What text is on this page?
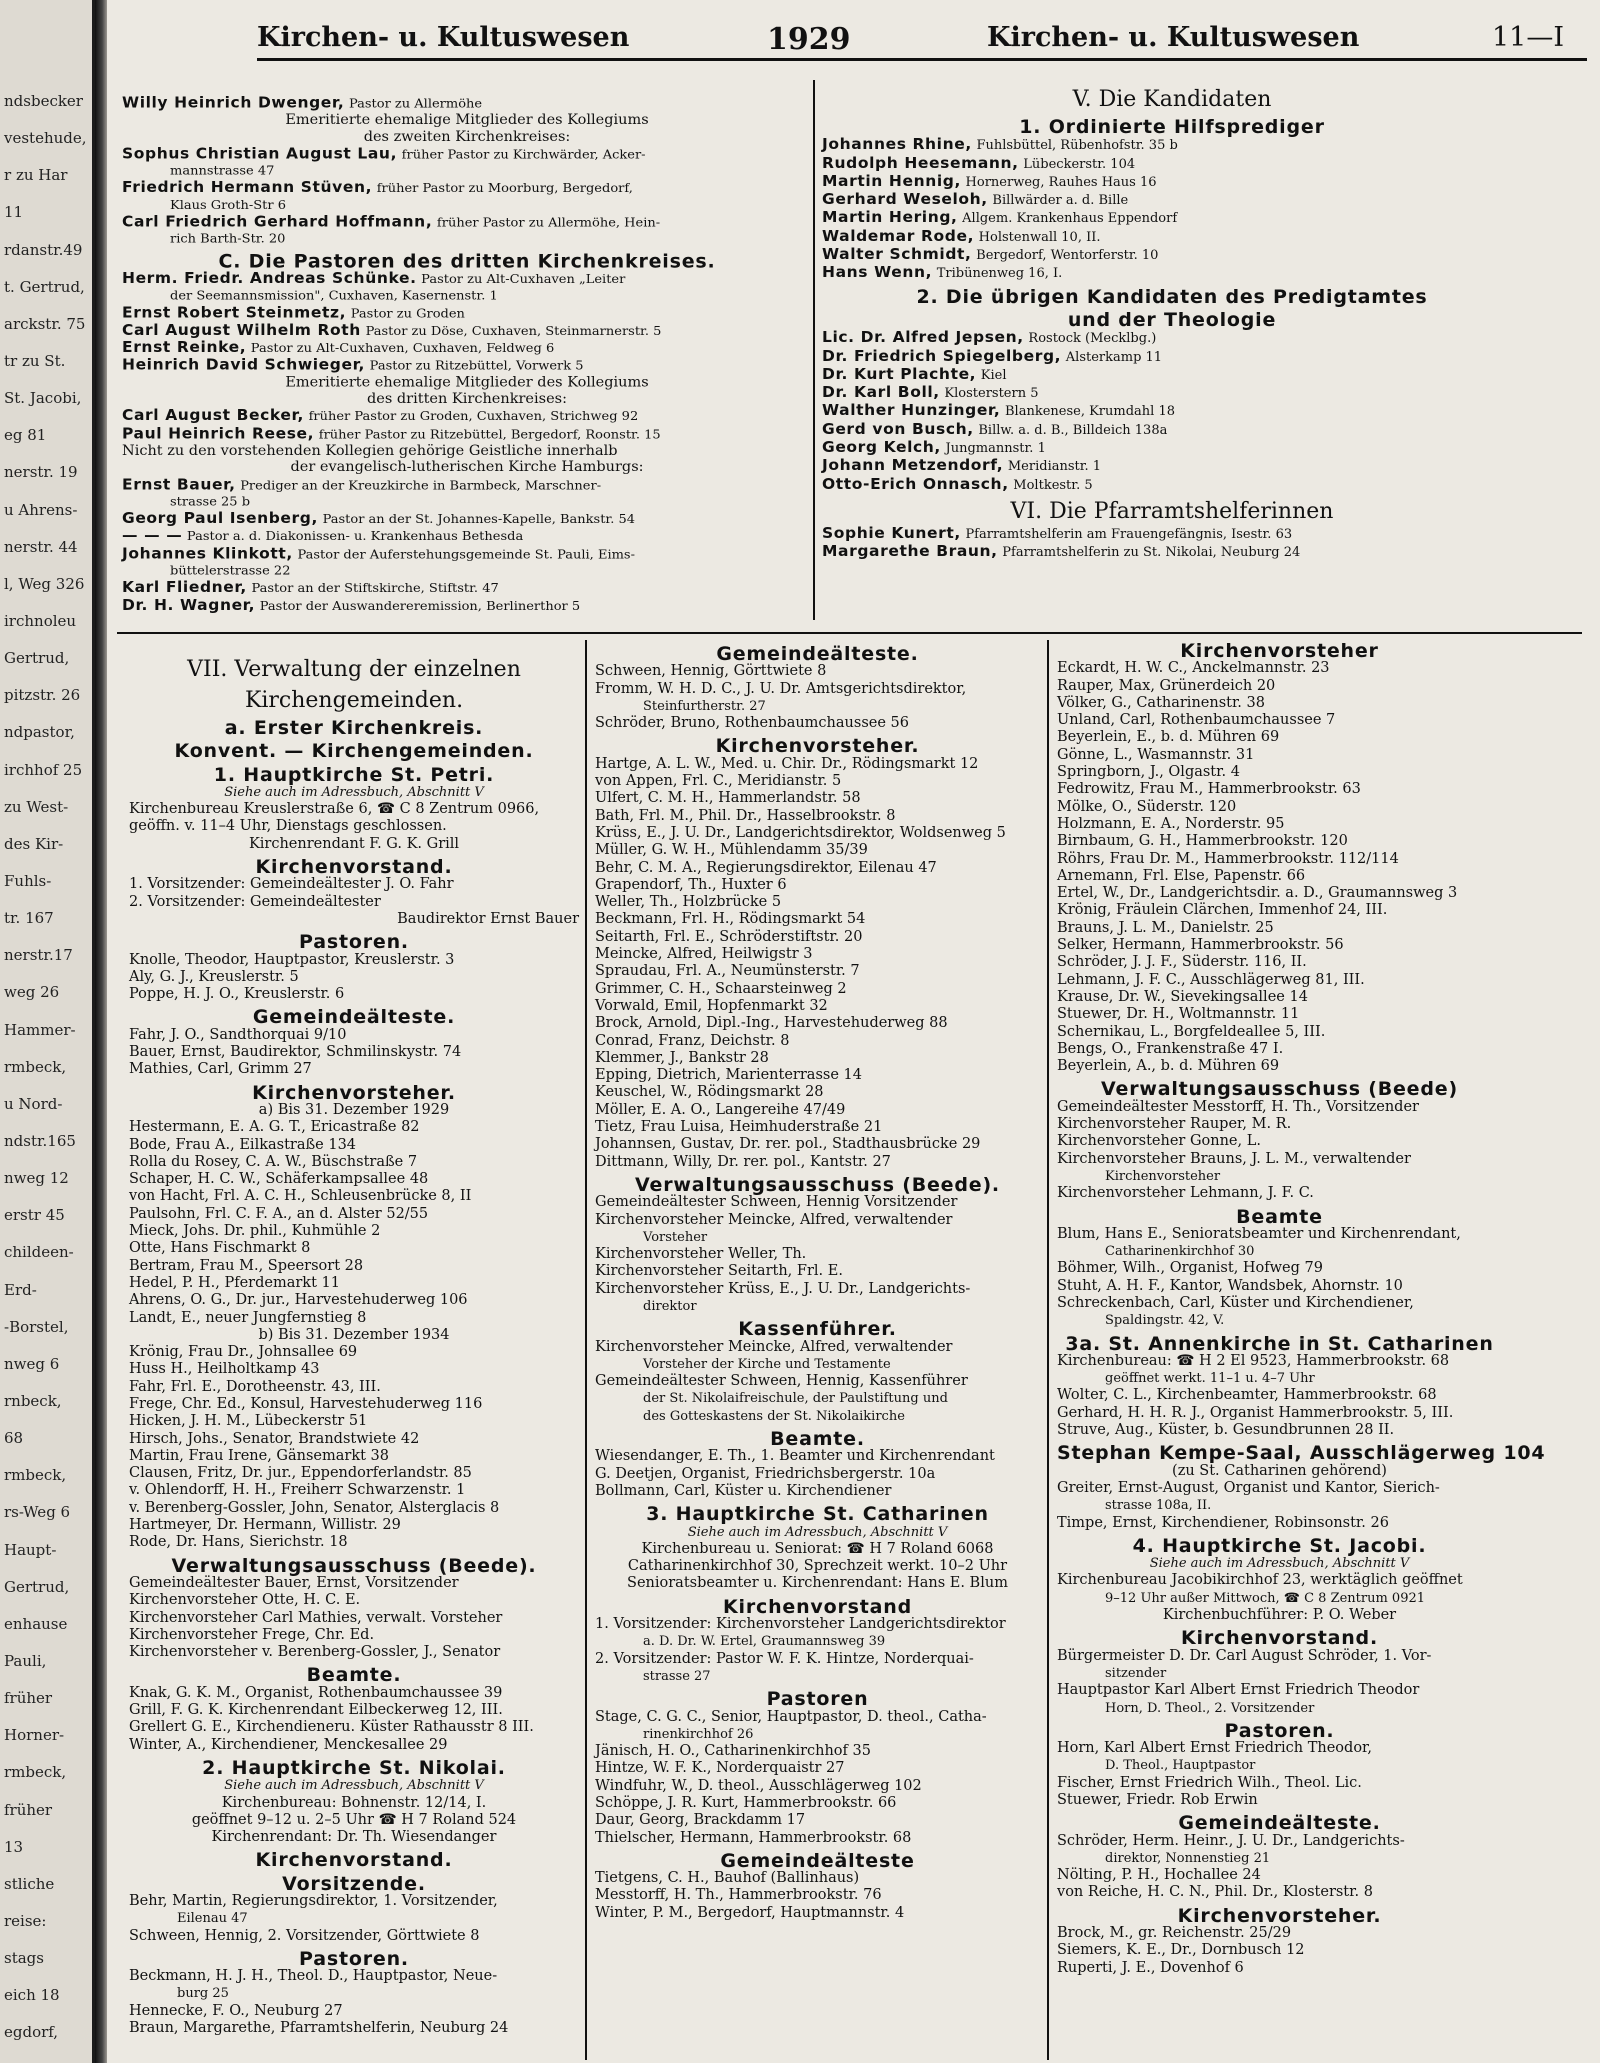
ndsbecker
vestehude,
r zu Har
11
rdanstr.49
t. Gertrud,
arckstr. 75
tr zu St.
St. Jacobi,
eg 81
nerstr. 19
u Ahrens-
nerstr. 44
l, Weg 326
irchnoleu
Gertrud,
pitzstr. 26
ndpastor,
irchhof 25
zu West-
des Kir-
Fuhls-
tr. 167
nerstr.17
weg 26
Hammer-
rmbeck,
u Nord-
ndstr.165
nweg 12
erstr 45
childeen-
Erd-
-Borstel,
nweg 6
rnbeck,
68
rmbeck,
rs-Weg 6
Haupt-
Gertrud,
enhause
Pauli,
früher
Horner-
rmbeck,
früher
13
stliche
reise:
stags
eich 18
egdorf,
Kirchen- u. Kultuswesen	1929	Kirchen- u. Kultuswesen	11—I
Willy Heinrich Dwenger, Pastor zu Allermöhe
Emeritierte ehemalige Mitglieder des Kollegiums
des zweiten Kirchenkreises:
Sophus Christian August Lau, früher Pastor zu Kirchwärder, Acker-
mannstrasse 47
Friedrich Hermann Stüven, früher Pastor zu Moorburg, Bergedorf,
Klaus Groth-Str 6
Carl Friedrich Gerhard Hoffmann, früher Pastor zu Allermöhe, Hein-
rich Barth-Str. 20
C. Die Pastoren des dritten Kirchenkreises.
Herm. Friedr. Andreas Schünke. Pastor zu Alt-Cuxhaven „Leiter
der Seemannsmission", Cuxhaven, Kasernenstr. 1
Ernst Robert Steinmetz, Pastor zu Groden
Carl August Wilhelm Roth Pastor zu Döse, Cuxhaven, Steinmarnerstr. 5
Ernst Reinke, Pastor zu Alt-Cuxhaven, Cuxhaven, Feldweg 6
Heinrich David Schwieger, Pastor zu Ritzebüttel, Vorwerk 5
Emeritierte ehemalige Mitglieder des Kollegiums
des dritten Kirchenkreises:
Carl August Becker, früher Pastor zu Groden, Cuxhaven, Strichweg 92
Paul Heinrich Reese, früher Pastor zu Ritzebüttel, Bergedorf, Roonstr. 15
Nicht zu den vorstehenden Kollegien gehörige Geistliche innerhalb
der evangelisch-lutherischen Kirche Hamburgs:
Ernst Bauer, Prediger an der Kreuzkirche in Barmbeck, Marschner-
strasse 25 b
Georg Paul Isenberg, Pastor an der St. Johannes-Kapelle, Bankstr. 54
— — — Pastor a. d. Diakonissen- u. Krankenhaus Bethesda
Johannes Klinkott, Pastor der Auferstehungsgemeinde St. Pauli, Eims-
büttelerstrasse 22
Karl Fliedner, Pastor an der Stiftskirche, Stiftstr. 47
Dr. H. Wagner, Pastor der Auswandereremission, Berlinerthor 5
V. Die Kandidaten
1. Ordinierte Hilfsprediger
Johannes Rhine, Fuhlsbüttel, Rübenhofstr. 35 b
Rudolph Heesemann, Lübeckerstr. 104
Martin Hennig, Hornerweg, Rauhes Haus 16
Gerhard Weseloh, Billwärder a. d. Bille
Martin Hering, Allgem. Krankenhaus Eppendorf
Waldemar Rode, Holstenwall 10, II.
Walter Schmidt, Bergedorf, Wentorferstr. 10
Hans Wenn, Tribünenweg 16, I.
2. Die übrigen Kandidaten des Predigtamtes
und der Theologie
Lic. Dr. Alfred Jepsen, Rostock (Mecklbg.)
Dr. Friedrich Spiegelberg, Alsterkamp 11
Dr. Kurt Plachte, Kiel
Dr. Karl Boll, Klosterstern 5
Walther Hunzinger, Blankenese, Krumdahl 18
Gerd von Busch, Billw. a. d. B., Billdeich 138a
Georg Kelch, Jungmannstr. 1
Johann Metzendorf, Meridianstr. 1
Otto-Erich Onnasch, Moltkestr. 5
VI. Die Pfarramtshelferinnen
Sophie Kunert, Pfarramtshelferin am Frauengefängnis, Isestr. 63
Margarethe Braun, Pfarramtshelferin zu St. Nikolai, Neuburg 24
VII. Verwaltung der einzelnen
Kirchengemeinden.
a. Erster Kirchenkreis.
Konvent. — Kirchengemeinden.
1. Hauptkirche St. Petri.
Siehe auch im Adressbuch, Abschnitt V
Kirchenbureau Kreuslerstraße 6, ☎ C 8 Zentrum 0966,
geöffn. v. 11–4 Uhr, Dienstags geschlossen.
Kirchenrendant F. G. K. Grill
Kirchenvorstand.
1. Vorsitzender: Gemeindeältester J. O. Fahr
2. Vorsitzender: Gemeindeältester
Baudirektor Ernst Bauer
Pastoren.
Knolle, Theodor, Hauptpastor, Kreuslerstr. 3
Aly, G. J., Kreuslerstr. 5
Poppe, H. J. O., Kreuslerstr. 6
Gemeindeälteste.
Fahr, J. O., Sandthorquai 9/10
Bauer, Ernst, Baudirektor, Schmilinskystr. 74
Mathies, Carl, Grimm 27
Kirchenvorsteher.
a) Bis 31. Dezember 1929
Hestermann, E. A. G. T., Ericastraße 82
Bode, Frau A., Eilkastraße 134
Rolla du Rosey, C. A. W., Büschstraße 7
Schaper, H. C. W., Schäferkampsallee 48
von Hacht, Frl. A. C. H., Schleusenbrücke 8, II
Paulsohn, Frl. C. F. A., an d. Alster 52/55
Mieck, Johs. Dr. phil., Kuhmühle 2
Otte, Hans Fischmarkt 8
Bertram, Frau M., Speersort 28
Hedel, P. H., Pferdemarkt 11
Ahrens, O. G., Dr. jur., Harvestehuderweg 106
Landt, E., neuer Jungfernstieg 8
b) Bis 31. Dezember 1934
Krönig, Frau Dr., Johnsallee 69
Huss H., Heilholtkamp 43
Fahr, Frl. E., Dorotheenstr. 43, III.
Frege, Chr. Ed., Konsul, Harvestehuderweg 116
Hicken, J. H. M., Lübeckerstr 51
Hirsch, Johs., Senator, Brandstwiete 42
Martin, Frau Irene, Gänsemarkt 38
Clausen, Fritz, Dr. jur., Eppendorferlandstr. 85
v. Ohlendorff, H. H., Freiherr Schwarzenstr. 1
v. Berenberg-Gossler, John, Senator, Alsterglacis 8
Hartmeyer, Dr. Hermann, Willistr. 29
Rode, Dr. Hans, Sierichstr. 18
Verwaltungsausschuss (Beede).
Gemeindeältester Bauer, Ernst, Vorsitzender
Kirchenvorsteher Otte, H. C. E.
Kirchenvorsteher Carl Mathies, verwalt. Vorsteher
Kirchenvorsteher Frege, Chr. Ed.
Kirchenvorsteher v. Berenberg-Gossler, J., Senator
Beamte.
Knak, G. K. M., Organist, Rothenbaumchaussee 39
Grill, F. G. K. Kirchenrendant Eilbeckerweg 12, III.
Grellert G. E., Kirchendieneru. Küster Rathausstr 8 III.
Winter, A., Kirchendiener, Menckesallee 29
2. Hauptkirche St. Nikolai.
Siehe auch im Adressbuch, Abschnitt V
Kirchenbureau: Bohnenstr. 12/14, I.
geöffnet 9–12 u. 2–5 Uhr ☎ H 7 Roland 524
Kirchenrendant: Dr. Th. Wiesendanger
Kirchenvorstand.
Vorsitzende.
Behr, Martin, Regierungsdirektor, 1. Vorsitzender,
Eilenau 47
Schween, Hennig, 2. Vorsitzender, Görttwiete 8
Pastoren.
Beckmann, H. J. H., Theol. D., Hauptpastor, Neue-
burg 25
Hennecke, F. O., Neuburg 27
Braun, Margarethe, Pfarramtshelferin, Neuburg 24
Gemeindeälteste.
Schween, Hennig, Görttwiete 8
Fromm, W. H. D. C., J. U. Dr. Amtsgerichtsdirektor,
Steinfurtherstr. 27
Schröder, Bruno, Rothenbaumchaussee 56
Kirchenvorsteher.
Hartge, A. L. W., Med. u. Chir. Dr., Rödingsmarkt 12
von Appen, Frl. C., Meridianstr. 5
Ulfert, C. M. H., Hammerlandstr. 58
Bath, Frl. M., Phil. Dr., Hasselbrookstr. 8
Krüss, E., J. U. Dr., Landgerichtsdirektor, Woldsenweg 5
Müller, G. W. H., Mühlendamm 35/39
Behr, C. M. A., Regierungsdirektor, Eilenau 47
Grapendorf, Th., Huxter 6
Weller, Th., Holzbrücke 5
Beckmann, Frl. H., Rödingsmarkt 54
Seitarth, Frl. E., Schröderstiftstr. 20
Meincke, Alfred, Heilwigstr 3
Spraudau, Frl. A., Neumünsterstr. 7
Grimmer, C. H., Schaarsteinweg 2
Vorwald, Emil, Hopfenmarkt 32
Brock, Arnold, Dipl.-Ing., Harvestehuderweg 88
Conrad, Franz, Deichstr. 8
Klemmer, J., Bankstr 28
Epping, Dietrich, Marienterrasse 14
Keuschel, W., Rödingsmarkt 28
Möller, E. A. O., Langereihe 47/49
Tietz, Frau Luisa, Heimhuderstraße 21
Johannsen, Gustav, Dr. rer. pol., Stadthausbrücke 29
Dittmann, Willy, Dr. rer. pol., Kantstr. 27
Verwaltungsausschuss (Beede).
Gemeindeältester Schween, Hennig Vorsitzender
Kirchenvorsteher Meincke, Alfred, verwaltender
Vorsteher
Kirchenvorsteher Weller, Th.
Kirchenvorsteher Seitarth, Frl. E.
Kirchenvorsteher Krüss, E., J. U. Dr., Landgerichts-
direktor
Kassenführer.
Kirchenvorsteher Meincke, Alfred, verwaltender
Vorsteher der Kirche und Testamente
Gemeindeältester Schween, Hennig, Kassenführer
der St. Nikolaifreischule, der Paulstiftung und
des Gotteskastens der St. Nikolaikirche
Beamte.
Wiesendanger, E. Th., 1. Beamter und Kirchenrendant
G. Deetjen, Organist, Friedrichsbergerstr. 10a
Bollmann, Carl, Küster u. Kirchendiener
3. Hauptkirche St. Catharinen
Siehe auch im Adressbuch, Abschnitt V
Kirchenbureau u. Seniorat: ☎ H 7 Roland 6068
Catharinenkirchhof 30, Sprechzeit werkt. 10–2 Uhr
Senioratsbeamter u. Kirchenrendant: Hans E. Blum
Kirchenvorstand
1. Vorsitzender: Kirchenvorsteher Landgerichtsdirektor
a. D. Dr. W. Ertel, Graumannsweg 39
2. Vorsitzender: Pastor W. F. K. Hintze, Norderquai-
strasse 27
Pastoren
Stage, C. G. C., Senior, Hauptpastor, D. theol., Catha-
rinenkirchhof 26
Jänisch, H. O., Catharinenkirchhof 35
Hintze, W. F. K., Norderquaistr 27
Windfuhr, W., D. theol., Ausschlägerweg 102
Schöppe, J. R. Kurt, Hammerbrookstr. 66
Daur, Georg, Brackdamm 17
Thielscher, Hermann, Hammerbrookstr. 68
Gemeindeälteste
Tietgens, C. H., Bauhof (Ballinhaus)
Messtorff, H. Th., Hammerbrookstr. 76
Winter, P. M., Bergedorf, Hauptmannstr. 4
Kirchenvorsteher
Eckardt, H. W. C., Anckelmannstr. 23
Rauper, Max, Grünerdeich 20
Völker, G., Catharinenstr. 38
Unland, Carl, Rothenbaumchaussee 7
Beyerlein, E., b. d. Mühren 69
Gönne, L., Wasmannstr. 31
Springborn, J., Olgastr. 4
Fedrowitz, Frau M., Hammerbrookstr. 63
Mölke, O., Süderstr. 120
Holzmann, E. A., Norderstr. 95
Birnbaum, G. H., Hammerbrookstr. 120
Röhrs, Frau Dr. M., Hammerbrookstr. 112/114
Arnemann, Frl. Else, Papenstr. 66
Ertel, W., Dr., Landgerichtsdir. a. D., Graumannsweg 3
Krönig, Fräulein Clärchen, Immenhof 24, III.
Brauns, J. L. M., Danielstr. 25
Selker, Hermann, Hammerbrookstr. 56
Schröder, J. J. F., Süderstr. 116, II.
Lehmann, J. F. C., Ausschlägerweg 81, III.
Krause, Dr. W., Sievekingsallee 14
Stuewer, Dr. H., Woltmannstr. 11
Schernikau, L., Borgfeldeallee 5, III.
Bengs, O., Frankenstraße 47 I.
Beyerlein, A., b. d. Mühren 69
Verwaltungsausschuss (Beede)
Gemeindeältester Messtorff, H. Th., Vorsitzender
Kirchenvorsteher Rauper, M. R.
Kirchenvorsteher Gonne, L.
Kirchenvorsteher Brauns, J. L. M., verwaltender
Kirchenvorsteher
Kirchenvorsteher Lehmann, J. F. C.
Beamte
Blum, Hans E., Senioratsbeamter und Kirchenrendant,
Catharinenkirchhof 30
Böhmer, Wilh., Organist, Hofweg 79
Stuht, A. H. F., Kantor, Wandsbek, Ahornstr. 10
Schreckenbach, Carl, Küster und Kirchendiener,
Spaldingstr. 42, V.
3a. St. Annenkirche in St. Catharinen
Kirchenbureau: ☎ H 2 El 9523, Hammerbrookstr. 68
geöffnet werkt. 11–1 u. 4–7 Uhr
Wolter, C. L., Kirchenbeamter, Hammerbrookstr. 68
Gerhard, H. H. R. J., Organist Hammerbrookstr. 5, III.
Struve, Aug., Küster, b. Gesundbrunnen 28 II.
Stephan Kempe-Saal, Ausschlägerweg 104
(zu St. Catharinen gehörend)
Greiter, Ernst-August, Organist und Kantor, Sierich-
strasse 108a, II.
Timpe, Ernst, Kirchendiener, Robinsonstr. 26
4. Hauptkirche St. Jacobi.
Siehe auch im Adressbuch, Abschnitt V
Kirchenbureau Jacobikirchhof 23, werktäglich geöffnet
9–12 Uhr außer Mittwoch, ☎ C 8 Zentrum 0921
Kirchenbuchführer: P. O. Weber
Kirchenvorstand.
Bürgermeister D. Dr. Carl August Schröder, 1. Vor-
sitzender
Hauptpastor Karl Albert Ernst Friedrich Theodor
Horn, D. Theol., 2. Vorsitzender
Pastoren.
Horn, Karl Albert Ernst Friedrich Theodor,
D. Theol., Hauptpastor
Fischer, Ernst Friedrich Wilh., Theol. Lic.
Stuewer, Friedr. Rob Erwin
Gemeindeälteste.
Schröder, Herm. Heinr., J. U. Dr., Landgerichts-
direktor, Nonnenstieg 21
Nölting, P. H., Hochallee 24
von Reiche, H. C. N., Phil. Dr., Klosterstr. 8
Kirchenvorsteher.
Brock, M., gr. Reichenstr. 25/29
Siemers, K. E., Dr., Dornbusch 12
Ruperti, J. E., Dovenhof 6
